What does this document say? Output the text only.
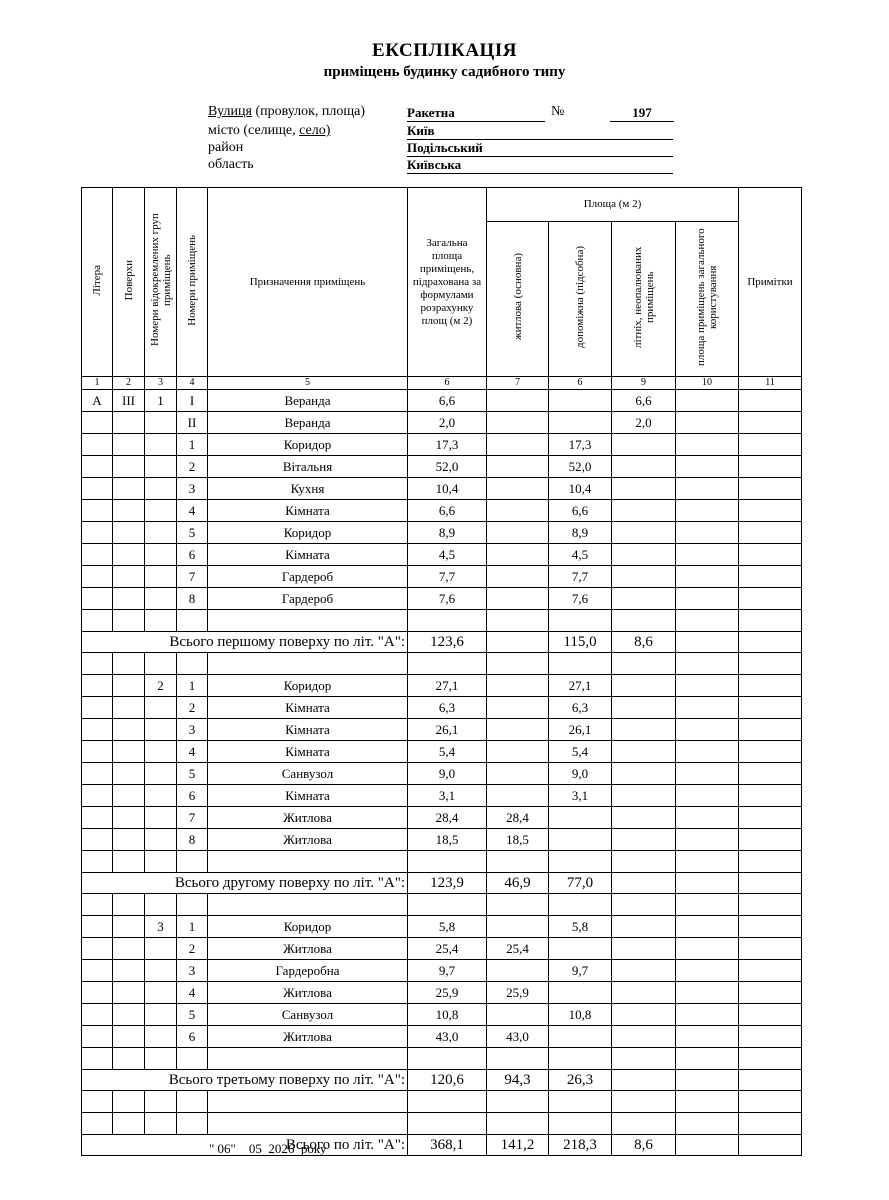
ЕКСПЛІКАЦІЯ
приміщень будинку садибного типу
Вулиця (провулок, площа)	Ракетна	№	197
місто (селище, село)	Київ
район	Подільський
область	Київська
Літера	Поверхи	Номери відокремлених груп приміщень	Номери приміщень	Призначення приміщень	Загальна площа приміщень, підрахована за формулами розрахунку площ (м 2)	Площа (м 2)				Примітки
						житлова (основна)	допоміжна (підсобна)	літніх, неопалюваних приміщень	площа приміщень загального користування	
1	2	3	4	5	6	7	6	9	10	11
А	ІІІ	1	І	Веранда	6,6			6,6		
			ІІ	Веранда	2,0			2,0		
			1	Коридор	17,3		17,3			
			2	Вітальня	52,0		52,0			
			3	Кухня	10,4		10,4			
			4	Кімната	6,6		6,6			
			5	Коридор	8,9		8,9			
			6	Кімната	4,5		4,5			
			7	Гардероб	7,7		7,7			
			8	Гардероб	7,6		7,6			

Всього першому поверху по літ. "А":					123,6		115,0	8,6		

		2	1	Коридор	27,1		27,1			
			2	Кімната	6,3		6,3			
			3	Кімната	26,1		26,1			
			4	Кімната	5,4		5,4			
			5	Санвузол	9,0		9,0			
			6	Кімната	3,1		3,1			
			7	Житлова	28,4	28,4				
			8	Житлова	18,5	18,5				

Всього другому поверху по літ. "А":					123,9	46,9	77,0			

		3	1	Коридор	5,8		5,8			
			2	Житлова	25,4	25,4				
			3	Гардеробна	9,7		9,7			
			4	Житлова	25,9	25,9				
			5	Санвузол	10,8		10,8			
			6	Житлова	43,0	43,0				

Всього третьому поверху по літ. "А":					120,6	94,3	26,3			

Всього по літ. "А":					368,1	141,2	218,3	8,6		
" 06"    05  2026  року
